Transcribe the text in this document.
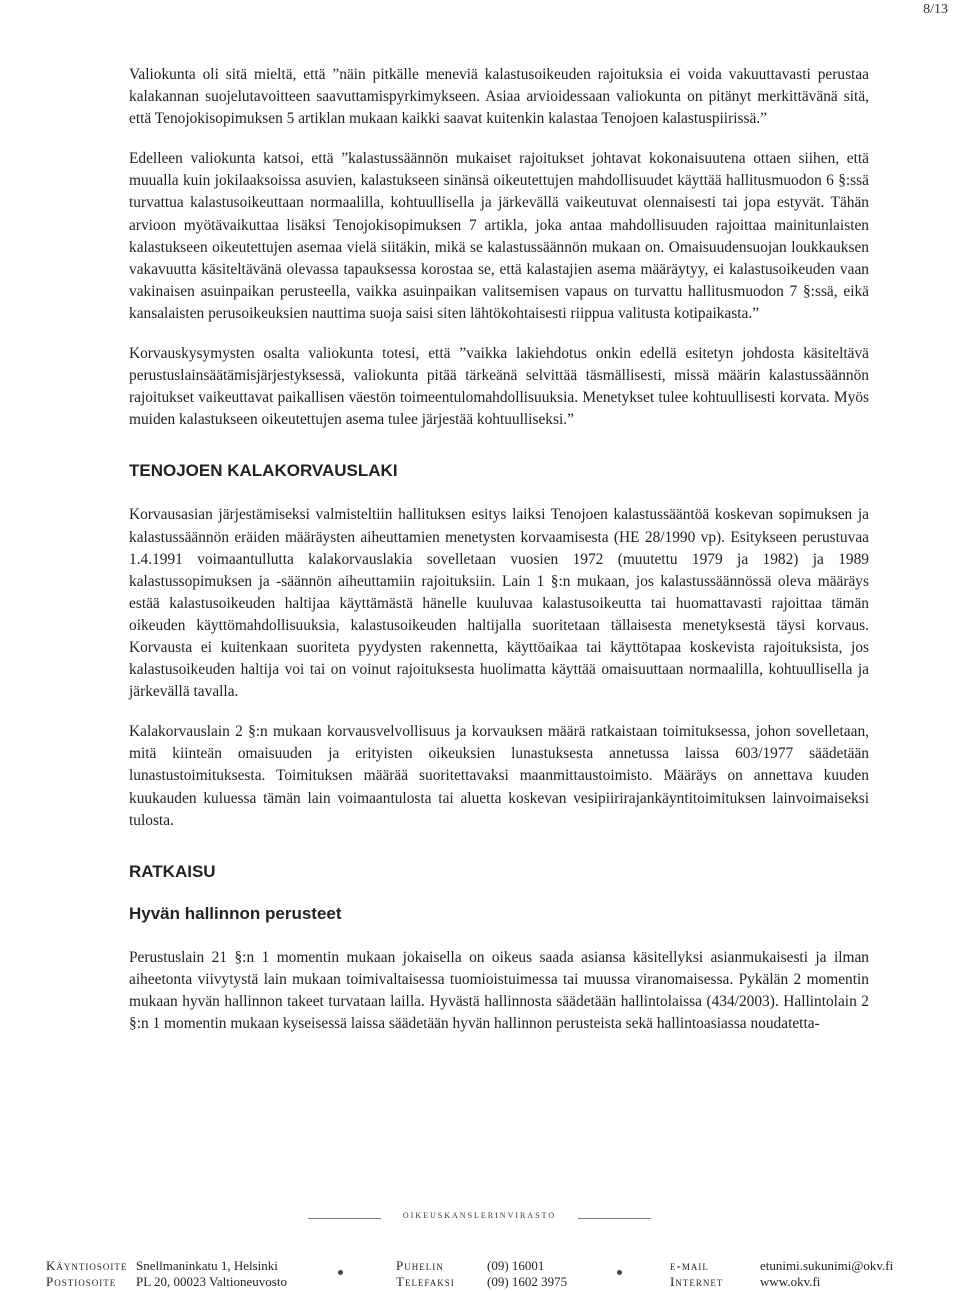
8/13

Valiokunta oli sitä mieltä, että ”näin pitkälle meneviä kalastusoikeuden rajoituksia ei voida vakuuttavasti perustaa kalakannan suojelutavoitteen saavuttamispyrkimykseen. Asiaa arvioidessaan valiokunta on pitänyt merkittävänä sitä, että Tenojokisopimuksen 5 artiklan mukaan kaikki saavat kuitenkin kalastaa Tenojoen kalastuspiirissä.”

Edelleen valiokunta katsoi, että ”kalastussäännön mukaiset rajoitukset johtavat kokonaisuutena ottaen siihen, että muualla kuin jokilaaksoissa asuvien, kalastukseen sinänsä oikeutettujen mahdollisuudet käyttää hallitusmuodon 6 §:ssä turvattua kalastusoikeuttaan normaalilla, kohtuullisella ja järkevällä vaikeutuvat olennaisesti tai jopa estyvät. Tähän arvioon myötävaikuttaa lisäksi Tenojokisopimuksen 7 artikla, joka antaa mahdollisuuden rajoittaa mainitunlaisten kalastukseen oikeutettujen asemaa vielä siitäkin, mikä se kalastussäännön mukaan on. Omaisuudensuojan loukkauksen vakavuutta käsiteltävänä olevassa tapauksessa korostaa se, että kalastajien asema määräytyy, ei kalastusoikeuden vaan vakinaisen asuinpaikan perusteella, vaikka asuinpaikan valitsemisen vapaus on turvattu hallitusmuodon 7 §:ssä, eikä kansalaisten perusoikeuksien nauttima suoja saisi siten lähtökohtaisesti riippua valitusta kotipaikasta.”

Korvauskysymysten osalta valiokunta totesi, että ”vaikka lakiehdotus onkin edellä esitetyn johdosta käsiteltävä perustuslainsäätämisjärjestyksessä, valiokunta pitää tärkeänä selvittää täsmällisesti, missä määrin kalastussäännön rajoitukset vaikeuttavat paikallisen väestön toimeentulomahdollisuuksia. Menetykset tulee kohtuullisesti korvata. Myös muiden kalastukseen oikeutettujen asema tulee järjestää kohtuulliseksi.”

TENOJOEN KALAKORVAUSLAKI

Korvausasian järjestämiseksi valmisteltiin hallituksen esitys laiksi Tenojoen kalastussääntöä koskevan sopimuksen ja kalastussäännön eräiden määräysten aiheuttamien menetysten korvaamisesta (HE 28/1990 vp). Esitykseen perustuvaa 1.4.1991 voimaantullutta kalakorvauslakia sovelletaan vuosien 1972 (muutettu 1979 ja 1982) ja 1989 kalastussopimuksen ja -säännön aiheuttamiin rajoituksiin. Lain 1 §:n mukaan, jos kalastussäännössä oleva määräys estää kalastusoikeuden haltijaa käyttämästä hänelle kuuluvaa kalastusoikeutta tai huomattavasti rajoittaa tämän oikeuden käyttömahdollisuuksia, kalastusoikeuden haltijalla suoritetaan tällaisesta menetyksestä täysi korvaus. Korvausta ei kuitenkaan suoriteta pyydysten rakennetta, käyttöaikaa tai käyttötapaa koskevista rajoituksista, jos kalastusoikeuden haltija voi tai on voinut rajoituksesta huolimatta käyttää omaisuuttaan normaalilla, kohtuullisella ja järkevällä tavalla.

Kalakorvauslain 2 §:n mukaan korvausvelvollisuus ja korvauksen määrä ratkaistaan toimituksessa, johon sovelletaan, mitä kiinteän omaisuuden ja erityisten oikeuksien lunastuksesta annetussa laissa 603/1977 säädetään lunastustoimituksesta. Toimituksen määrää suoritettavaksi maanmittaustoimisto. Määräys on annettava kuuden kuukauden kuluessa tämän lain voimaantulosta tai aluetta koskevan vesipiirirajankäyntitoimituksen lainvoimaiseksi tulosta.

RATKAISU
Hyvän hallinnon perusteet

Perustuslain 21 §:n 1 momentin mukaan jokaisella on oikeus saada asiansa käsitellyksi asianmukaisesti ja ilman aiheetonta viivytystä lain mukaan toimivaltaisessa tuomioistuimessa tai muussa viranomaisessa. Pykälän 2 momentin mukaan hyvän hallinnon takeet turvataan lailla. Hyvästä hallinnosta säädetään hallintolaissa (434/2003). Hallintolain 2 §:n 1 momentin mukaan kyseisessä laissa säädetään hyvän hallinnon perusteista sekä hallintoasiassa noudatetta-

oikeuskanslerinvirasto
Käyntiosoite Snellmaninkatu 1, Helsinki
Postiosoite PL 20, 00023 Valtioneuvosto
Puhelin	(09) 16001
Telefaksi (09) 1602 3975
e-mail	etunimi.sukunimi@okv.fi
Internet	www.okv.fi
